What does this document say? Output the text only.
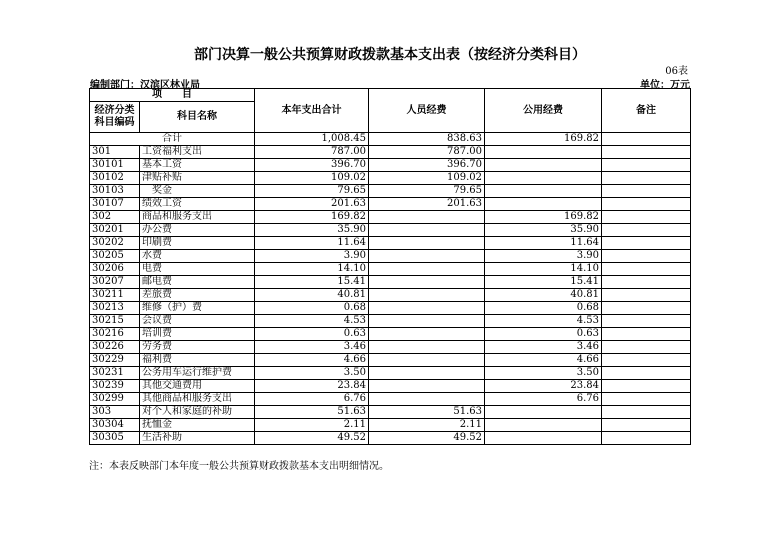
部门决算一般公共预算财政拨款基本支出表（按经济分类科目）
06表
编制部门：汉滨区林业局	单位：万元
项　　目		本年支出合计	人员经费	公用经费	备注

经济分类
科目编码	科目名称				

合计		1,008.45	838.63	169.82	
301	工资福利支出	787.00	787.00		
30101	基本工资	396.70	396.70		
30102	津贴补贴	109.02	109.02		
30103	奖金	79.65	79.65		
30107	绩效工资	201.63	201.63		
302	商品和服务支出	169.82		169.82	
30201	办公费	35.90		35.90	
30202	印刷费	11.64		11.64	
30205	水费	3.90		3.90	
30206	电费	14.10		14.10	
30207	邮电费	15.41		15.41	
30211	差旅费	40.81		40.81	
30213	维修（护）费	0.68		0.68	
30215	会议费	4.53		4.53	
30216	培训费	0.63		0.63	
30226	劳务费	3.46		3.46	
30229	福利费	4.66		4.66	
30231	公务用车运行维护费	3.50		3.50	
30239	其他交通费用	23.84		23.84	
30299	其他商品和服务支出	6.76		6.76	
303	对个人和家庭的补助	51.63	51.63		
30304	抚恤金	2.11	2.11		
30305	生活补助	49.52	49.52		
注：本表反映部门本年度一般公共预算财政拨款基本支出明细情况。
